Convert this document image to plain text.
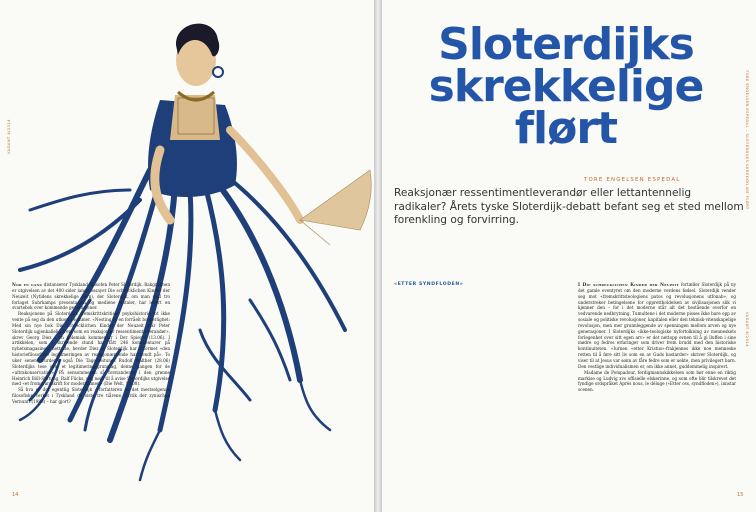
VAGANT 4/2014

Nor en gang distanserer Tyskland filosofen Peter Sloterdijk. Bakgrunnen er utgivelsen av det 400 sider lange essayet Die schrecklichen Kinder der Neuzeit (Nytidens skrekkelige barn), der Sloterdijk, om man skal tro forlaget Suhrkamps presentasjon og mediene omtaler, har levert en svartebok over kommende generasjoner.

Reaksjonene på Sloterdijks fremskrittskritiske psykohistorie lot ikke vente på seg da den utkom i sommer. «Nesting til en forråelt borgerlighet: Med sin nye bok Die schrecklichen Kinder der Neuzeit står Peter Sloterdijk ugjenkallelig frem som en reaksjonær ressentimentleverandør», skrev Georg Diez i en polemisk kommentar i Der Spiegel (13.06). I artikkelen, som i skrivende stund har fått 246 kommentarer på nyhetsmagasinets nettside, hevder Diez at Sloterdijk har utformet «den historiefilosofiske legitimeringen av reaksjonærvende har vondt på». To uker senere vurderte også Die Tageszeitungs Rudolf Walther (28.06) Sloterdijks tese som et legitimeringsgrunnlag, denne gangen for de «ultrakonservative». På sensommeren så forstanderen i den grønne Heinrich Böll-Stiftung, Ralf Fücks, seg nødt til å avise Sloterdijks utgivelse med «et fromsvarsskrift for modernismen» (Die Welt, 13.08).

Så hva er det egentlig Sloterdijk – forfatteren av det mestselgende filosofiske verket i Tyskland de siste tre tiårene, Kritik der zynischen Vernunft (1983) – har gjort?

14
Sloterdijks
skrekkelige
flørt
TORE ENGELSEN ESPEDAL
Reaksjonær ressentimentleverandør eller lettantennelig radikaler? Årets tyske Sloterdijk-debatt befant seg et sted mellom forenkling og forvirring.

«ETTER SYNDFLODEN»	I Die schrecklichen Kinder der Neuzeit fortæller Sloterdijk på ny det gamle eventyret om den moderne verdens fødsel. Sloterdijk vender seg mot «fremskrittsteologiens patos og revolusjonens utfonab», og understreker betingelsene for opprettholdelsen av sivilisasjonen slik vi kjenner den – for i det moderne står alt det bestående overfor en vedvarende nedbrytning. Tumultene i det moderne pisses ikke bare opp av sosiale og politiske revolusjoner, kapitalen eller den teknisk-vitenskapelige revolusjon, men mer grunnleggende av spenningen mellom arven og nye generasjoner. I Sloterdijks «ikke-teologiske nyfortolkning av menneskets forlegenhet over sitt egen arv» er det nettopp evnen til å gi lluffen i sine mødre og fedres erfaringer som driver frem brudd med den historiske kontinuiteten. «Iurnen «etter Kristus»-frakjennes ikke noe menneske retten til å føre sitt liv som en av Guds bastarder» skriver Sloterdijk, og viser til at Jesus var sønn av fåre fedre som er uekte, men privilegert barn. Den vestlige individualismen er, om ikke annet, guddommelig inspirert.

Madame de Pompadour, ferdigmannskikkelsen som bør enne en riktig markise og Ludvig xvs offisielle elskerinne, og som ofte blir tilskrevet det fyndige ordspråket Après nous, le déluge («Etter oss, syndfloden»), innstar scenen.

TORE ENGELSEN ESPEDAL – SLOTERDIJKS SKREKKELIGE FLØRT
VAGANT 4/2014
15
